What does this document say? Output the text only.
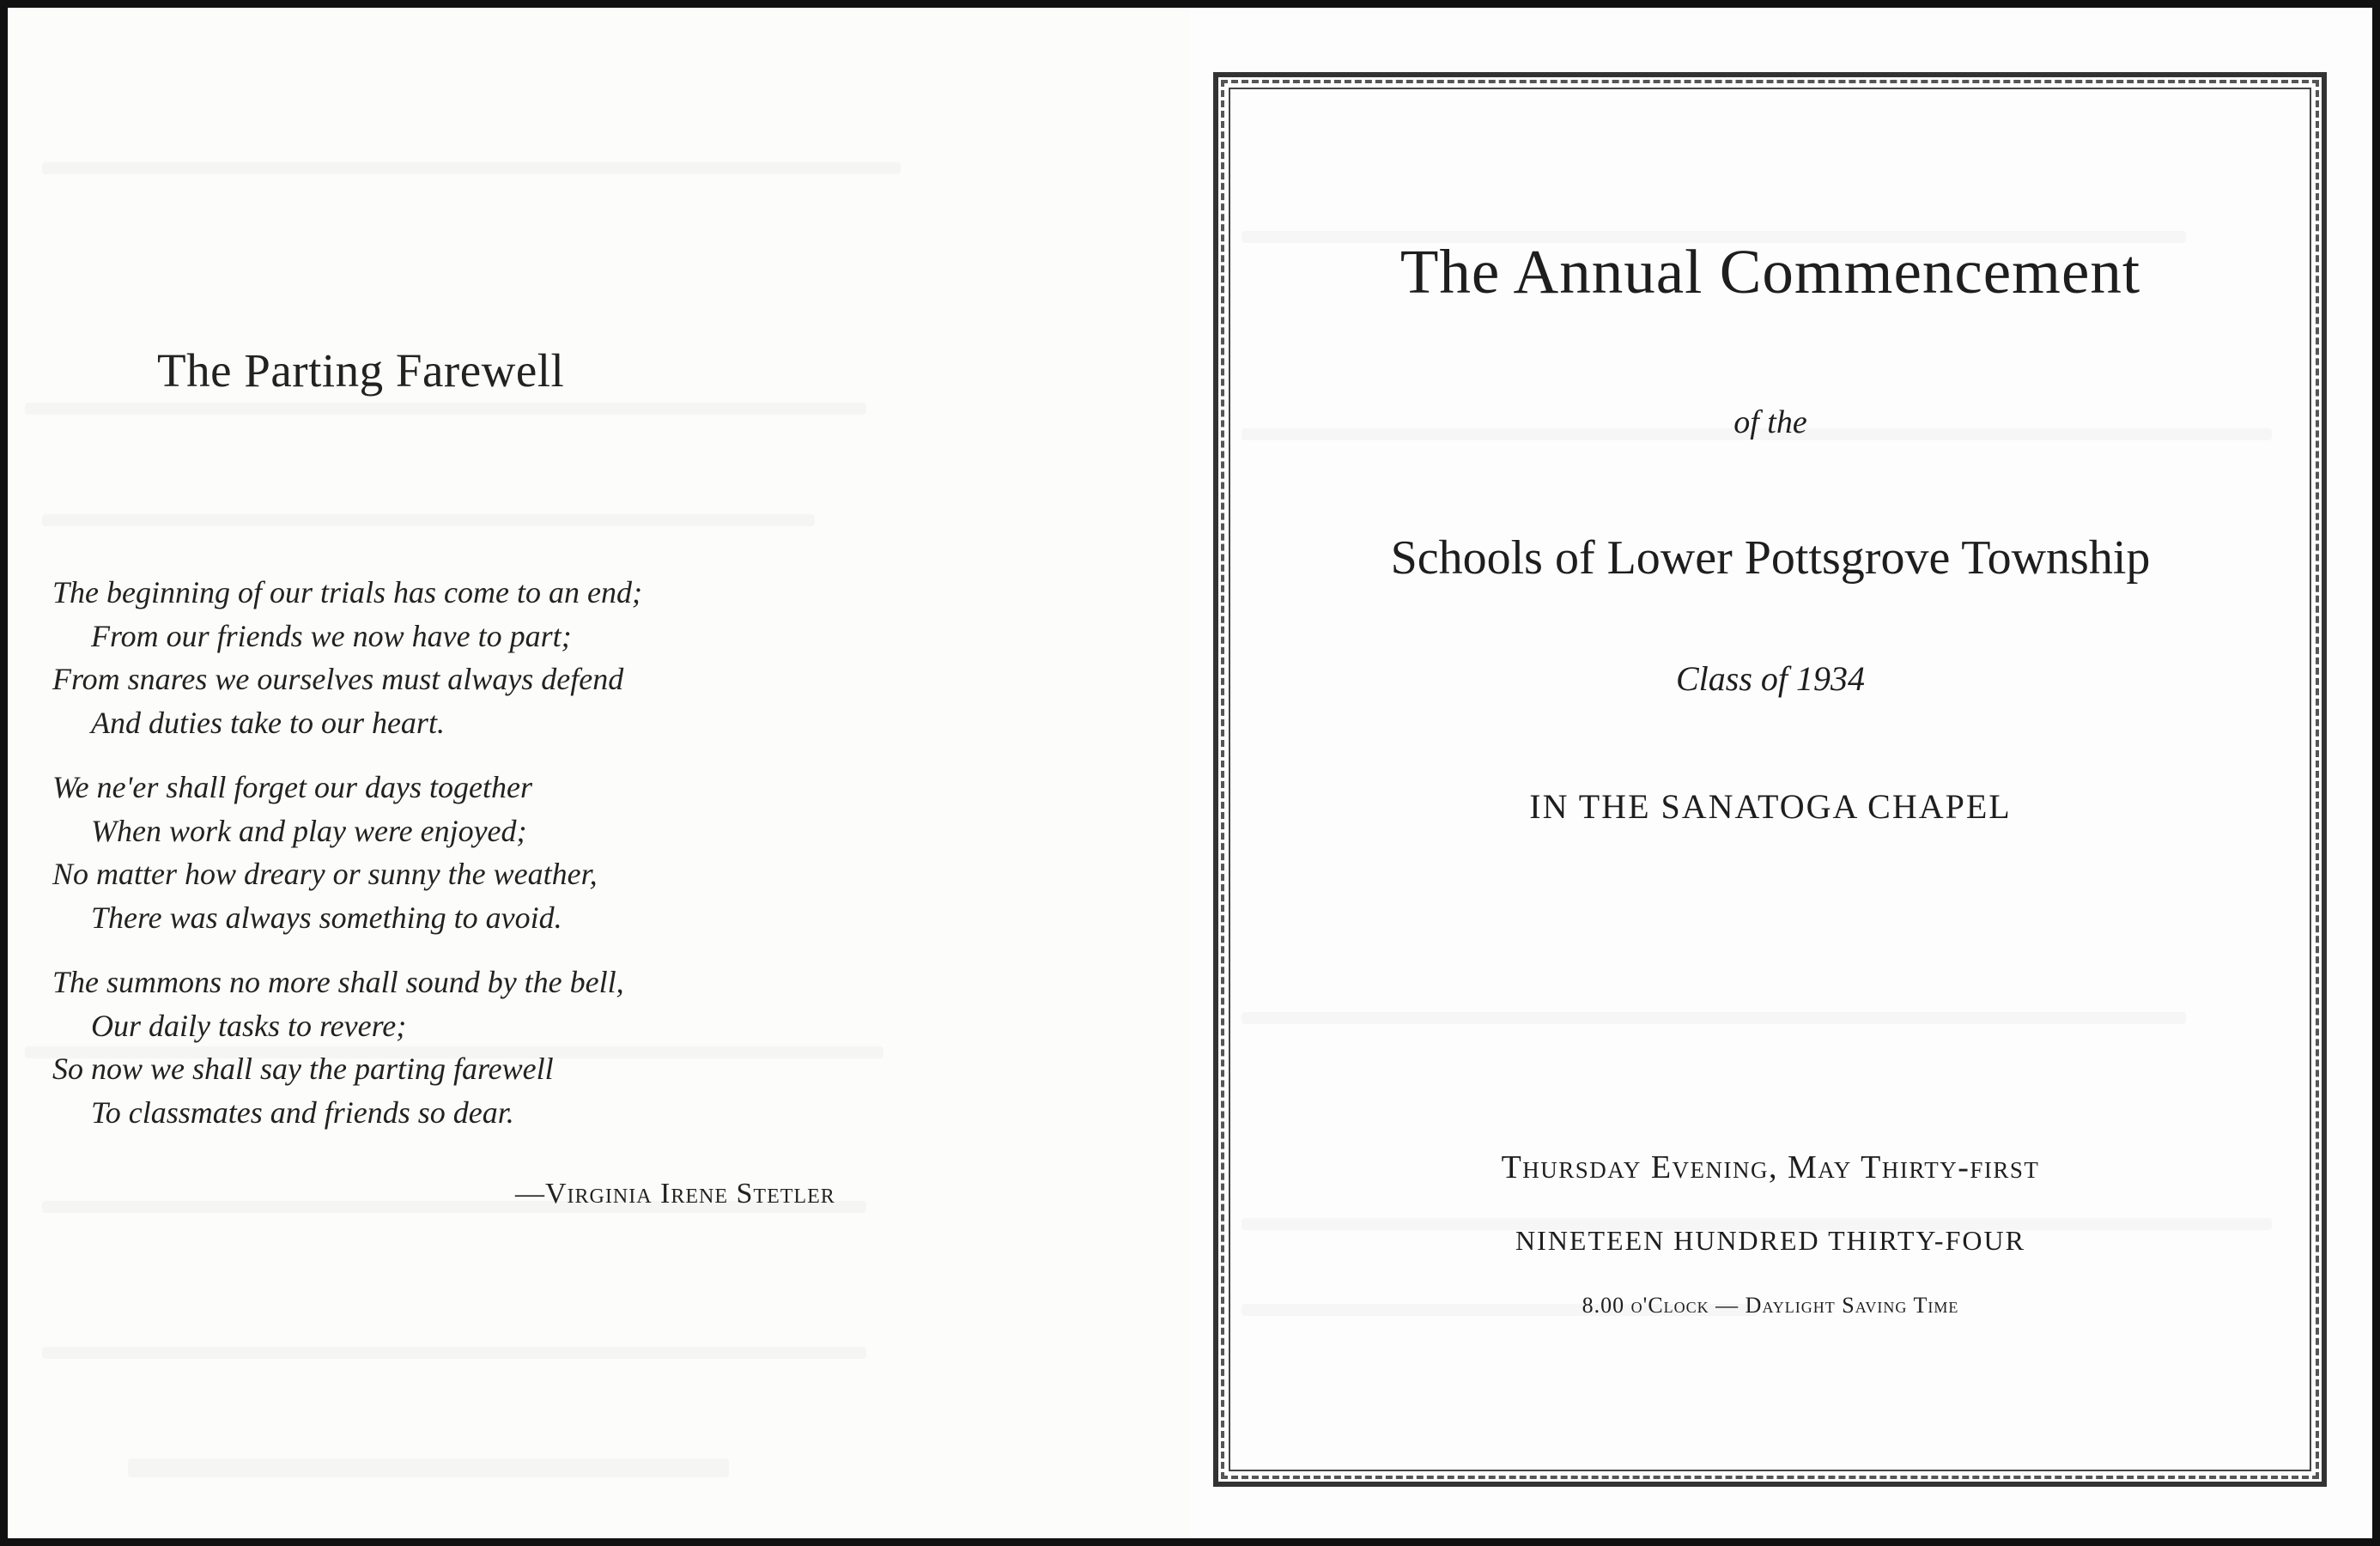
The Parting Farewell
The beginning of our trials has come to an end;
From our friends we now have to part;
From snares we ourselves must always defend
And duties take to our heart.
We ne'er shall forget our days together
When work and play were enjoyed;
No matter how dreary or sunny the weather,
There was always something to avoid.
The summons no more shall sound by the bell,
Our daily tasks to revere;
So now we shall say the parting farewell
To classmates and friends so dear.
—Virginia Irene Stetler
The Annual Commencement
of the
Schools of Lower Pottsgrove Township
Class of 1934
IN THE SANATOGA CHAPEL
Thursday Evening, May Thirty-first
NINETEEN HUNDRED THIRTY-FOUR
8.00 o'Clock — Daylight Saving Time
